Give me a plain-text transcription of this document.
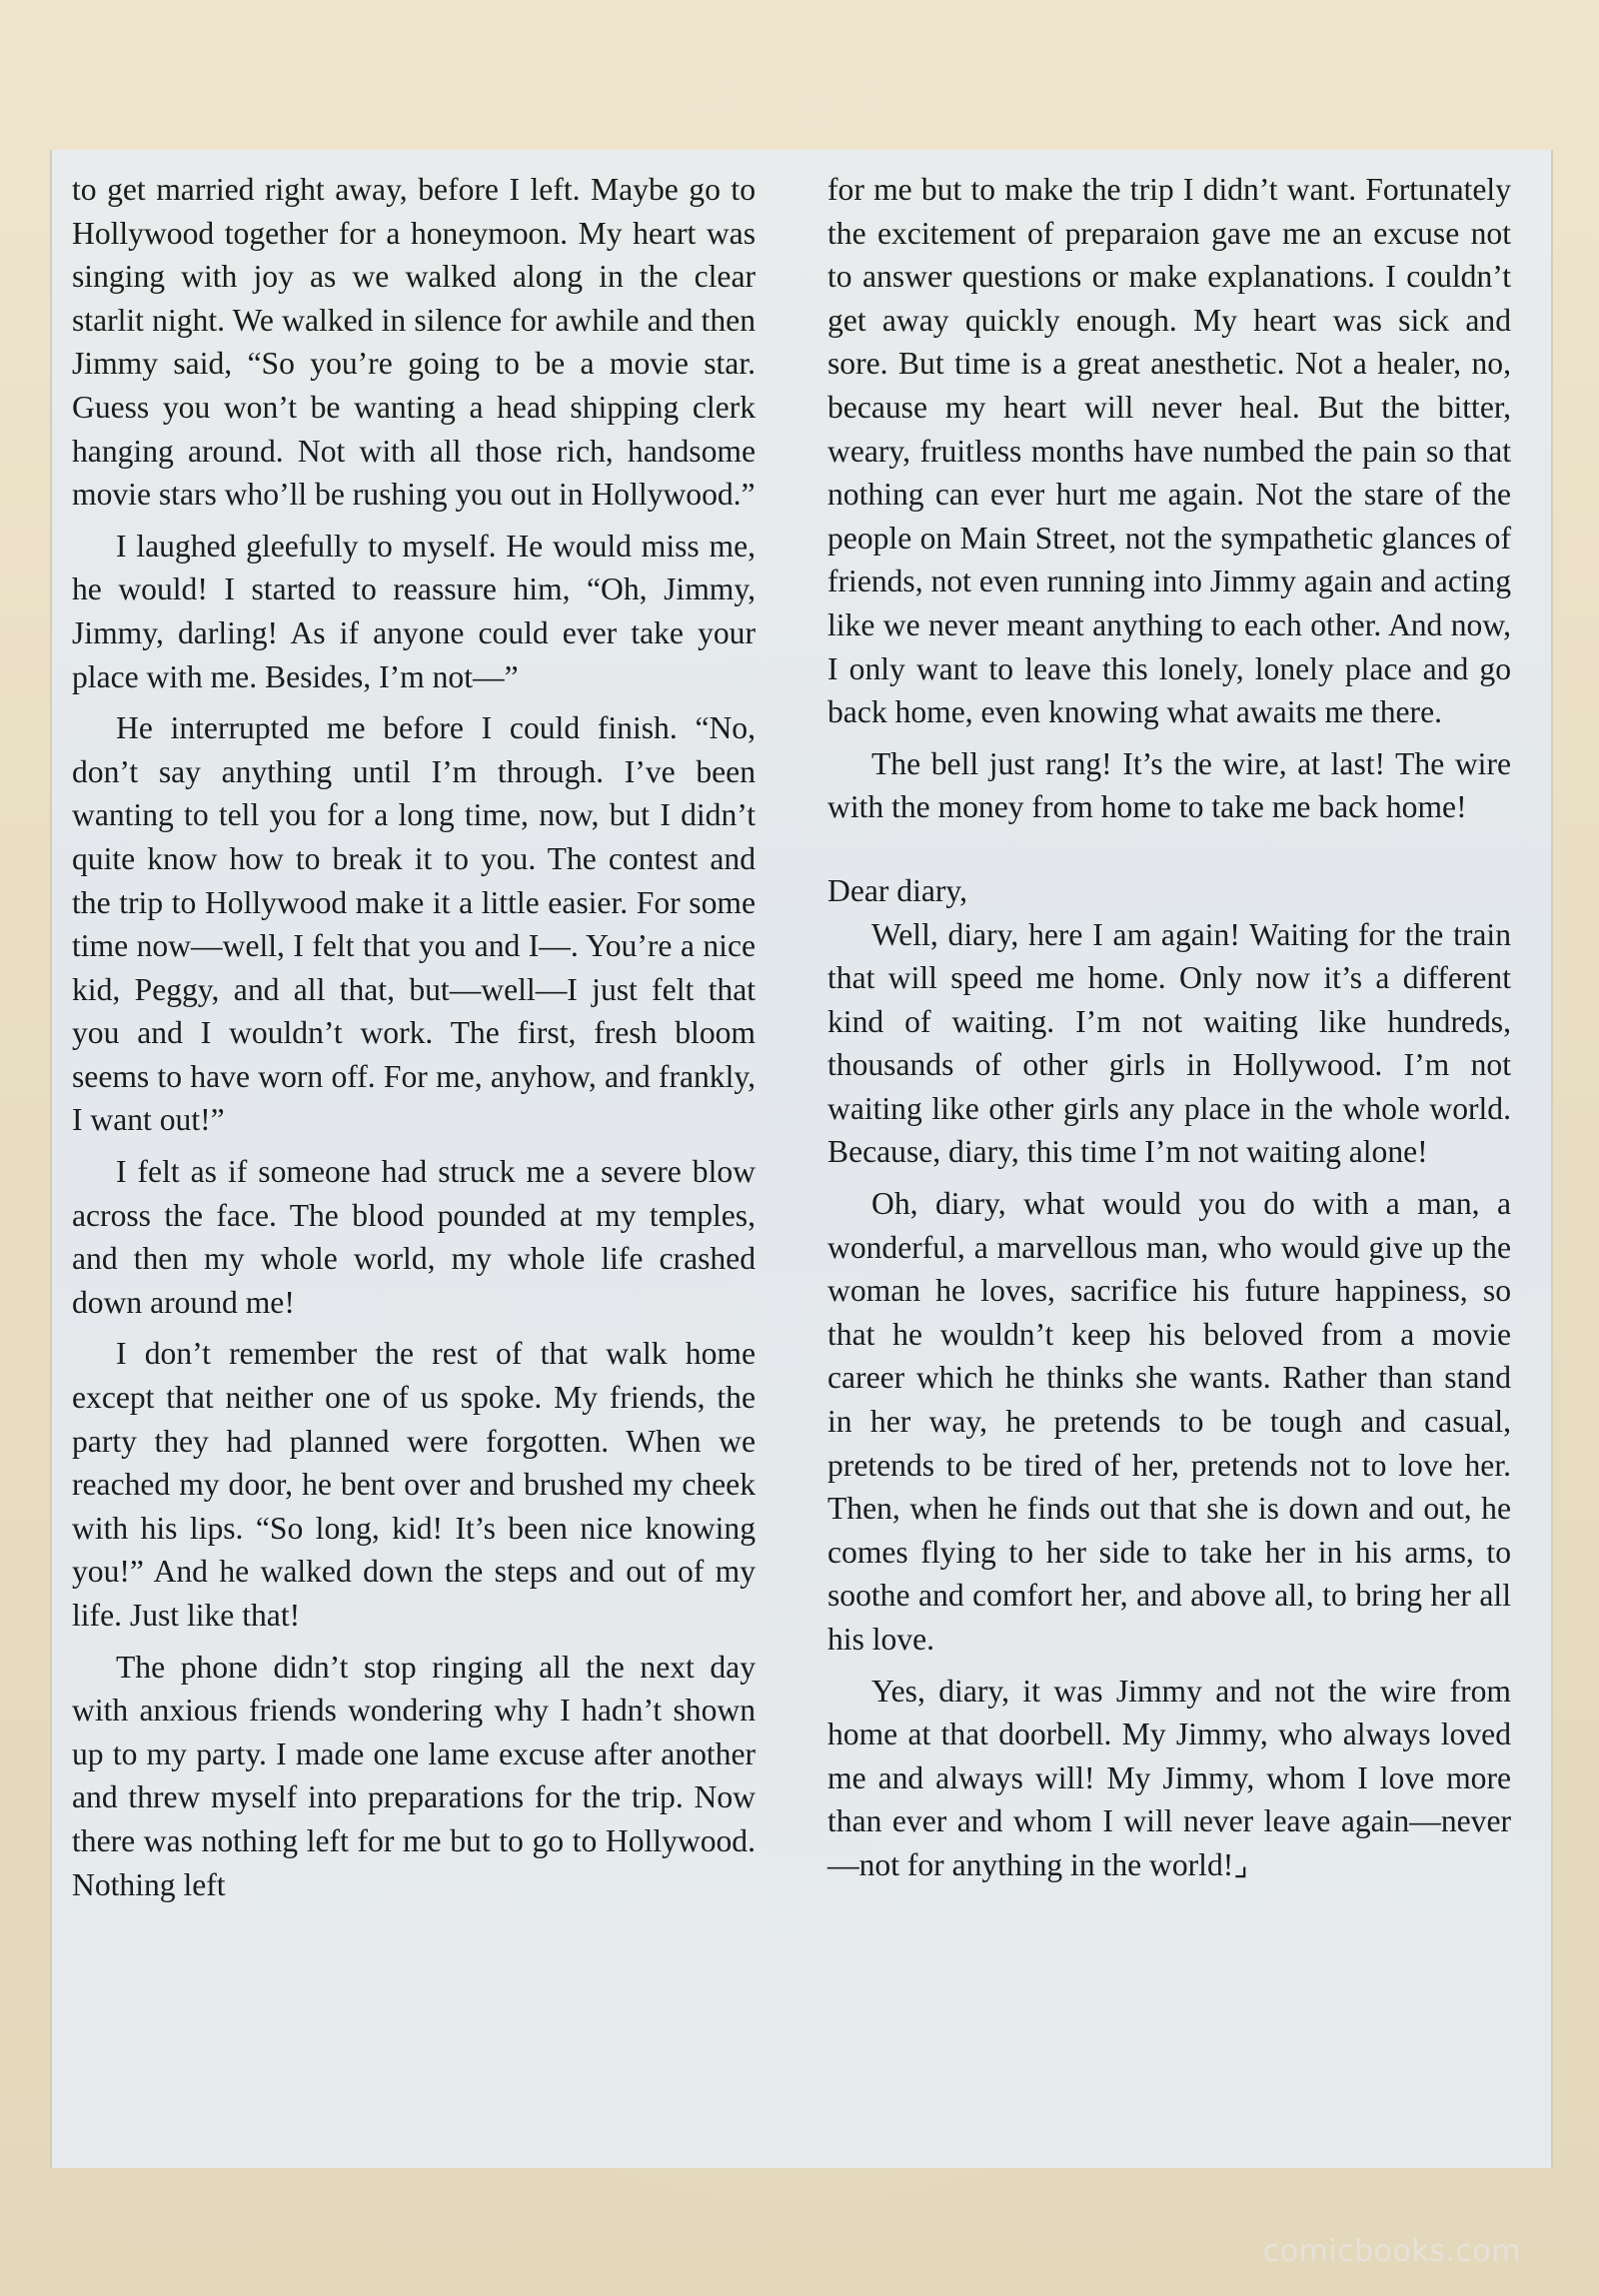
to get married right away, before I left. Maybe go to Hollywood together for a honeymoon. My heart was singing with joy as we walked along in the clear starlit night. We walked in silence for awhile and then Jimmy said, “So you’re going to be a movie star. Guess you won’t be wanting a head shipping clerk hanging around. Not with all those rich, handsome movie stars who’ll be rushing you out in Hollywood.”

I laughed gleefully to myself. He would miss me, he would! I started to reassure him, “Oh, Jimmy, Jimmy, darling! As if anyone could ever take your place with me. Besides, I’m not—”

He interrupted me before I could finish. “No, don’t say anything until I’m through. I’ve been wanting to tell you for a long time, now, but I didn’t quite know how to break it to you. The contest and the trip to Hollywood make it a little easier. For some time now—well, I felt that you and I—. You’re a nice kid, Peggy, and all that, but—well—I just felt that you and I wouldn’t work. The first, fresh bloom seems to have worn off. For me, anyhow, and frankly, I want out!”

I felt as if someone had struck me a severe blow across the face. The blood pounded at my temples, and then my whole world, my whole life crashed down around me!

I don’t remember the rest of that walk home except that neither one of us spoke. My friends, the party they had planned were forgotten. When we reached my door, he bent over and brushed my cheek with his lips. “So long, kid! It’s been nice knowing you!” And he walked down the steps and out of my life. Just like that!

The phone didn’t stop ringing all the next day with anxious friends wondering why I hadn’t shown up to my party. I made one lame excuse after another and threw myself into preparations for the trip. Now there was nothing left for me but to go to Hollywood. Nothing left

for me but to make the trip I didn’t want. Fortunately the excitement of preparaion gave me an excuse not to answer questions or make explanations. I couldn’t get away quickly enough. My heart was sick and sore. But time is a great anesthetic. Not a healer, no, because my heart will never heal. But the bitter, weary, fruitless months have numbed the pain so that nothing can ever hurt me again. Not the stare of the people on Main Street, not the sympathetic glances of friends, not even running into Jimmy again and acting like we never meant anything to each other. And now, I only want to leave this lonely, lonely place and go back home, even knowing what awaits me there.

The bell just rang! It’s the wire, at last! The wire with the money from home to take me back home!

Dear diary,

Well, diary, here I am again! Waiting for the train that will speed me home. Only now it’s a different kind of waiting. I’m not waiting like hundreds, thousands of other girls in Hollywood. I’m not waiting like other girls any place in the whole world. Because, diary, this time I’m not waiting alone!

Oh, diary, what would you do with a man, a wonderful, a marvellous man, who would give up the woman he loves, sacrifice his future happiness, so that he wouldn’t keep his beloved from a movie career which he thinks she wants. Rather than stand in her way, he pretends to be tough and casual, pretends to be tired of her, pretends not to love her. Then, when he finds out that she is down and out, he comes flying to her side to take her in his arms, to soothe and comfort her, and above all, to bring her all his love.

Yes, diary, it was Jimmy and not the wire from home at that doorbell. My Jimmy, who always loved me and always will! My Jimmy, whom I love more than ever and whom I will never leave again—never—not for anything in the world!⌟

comicbooks.com
